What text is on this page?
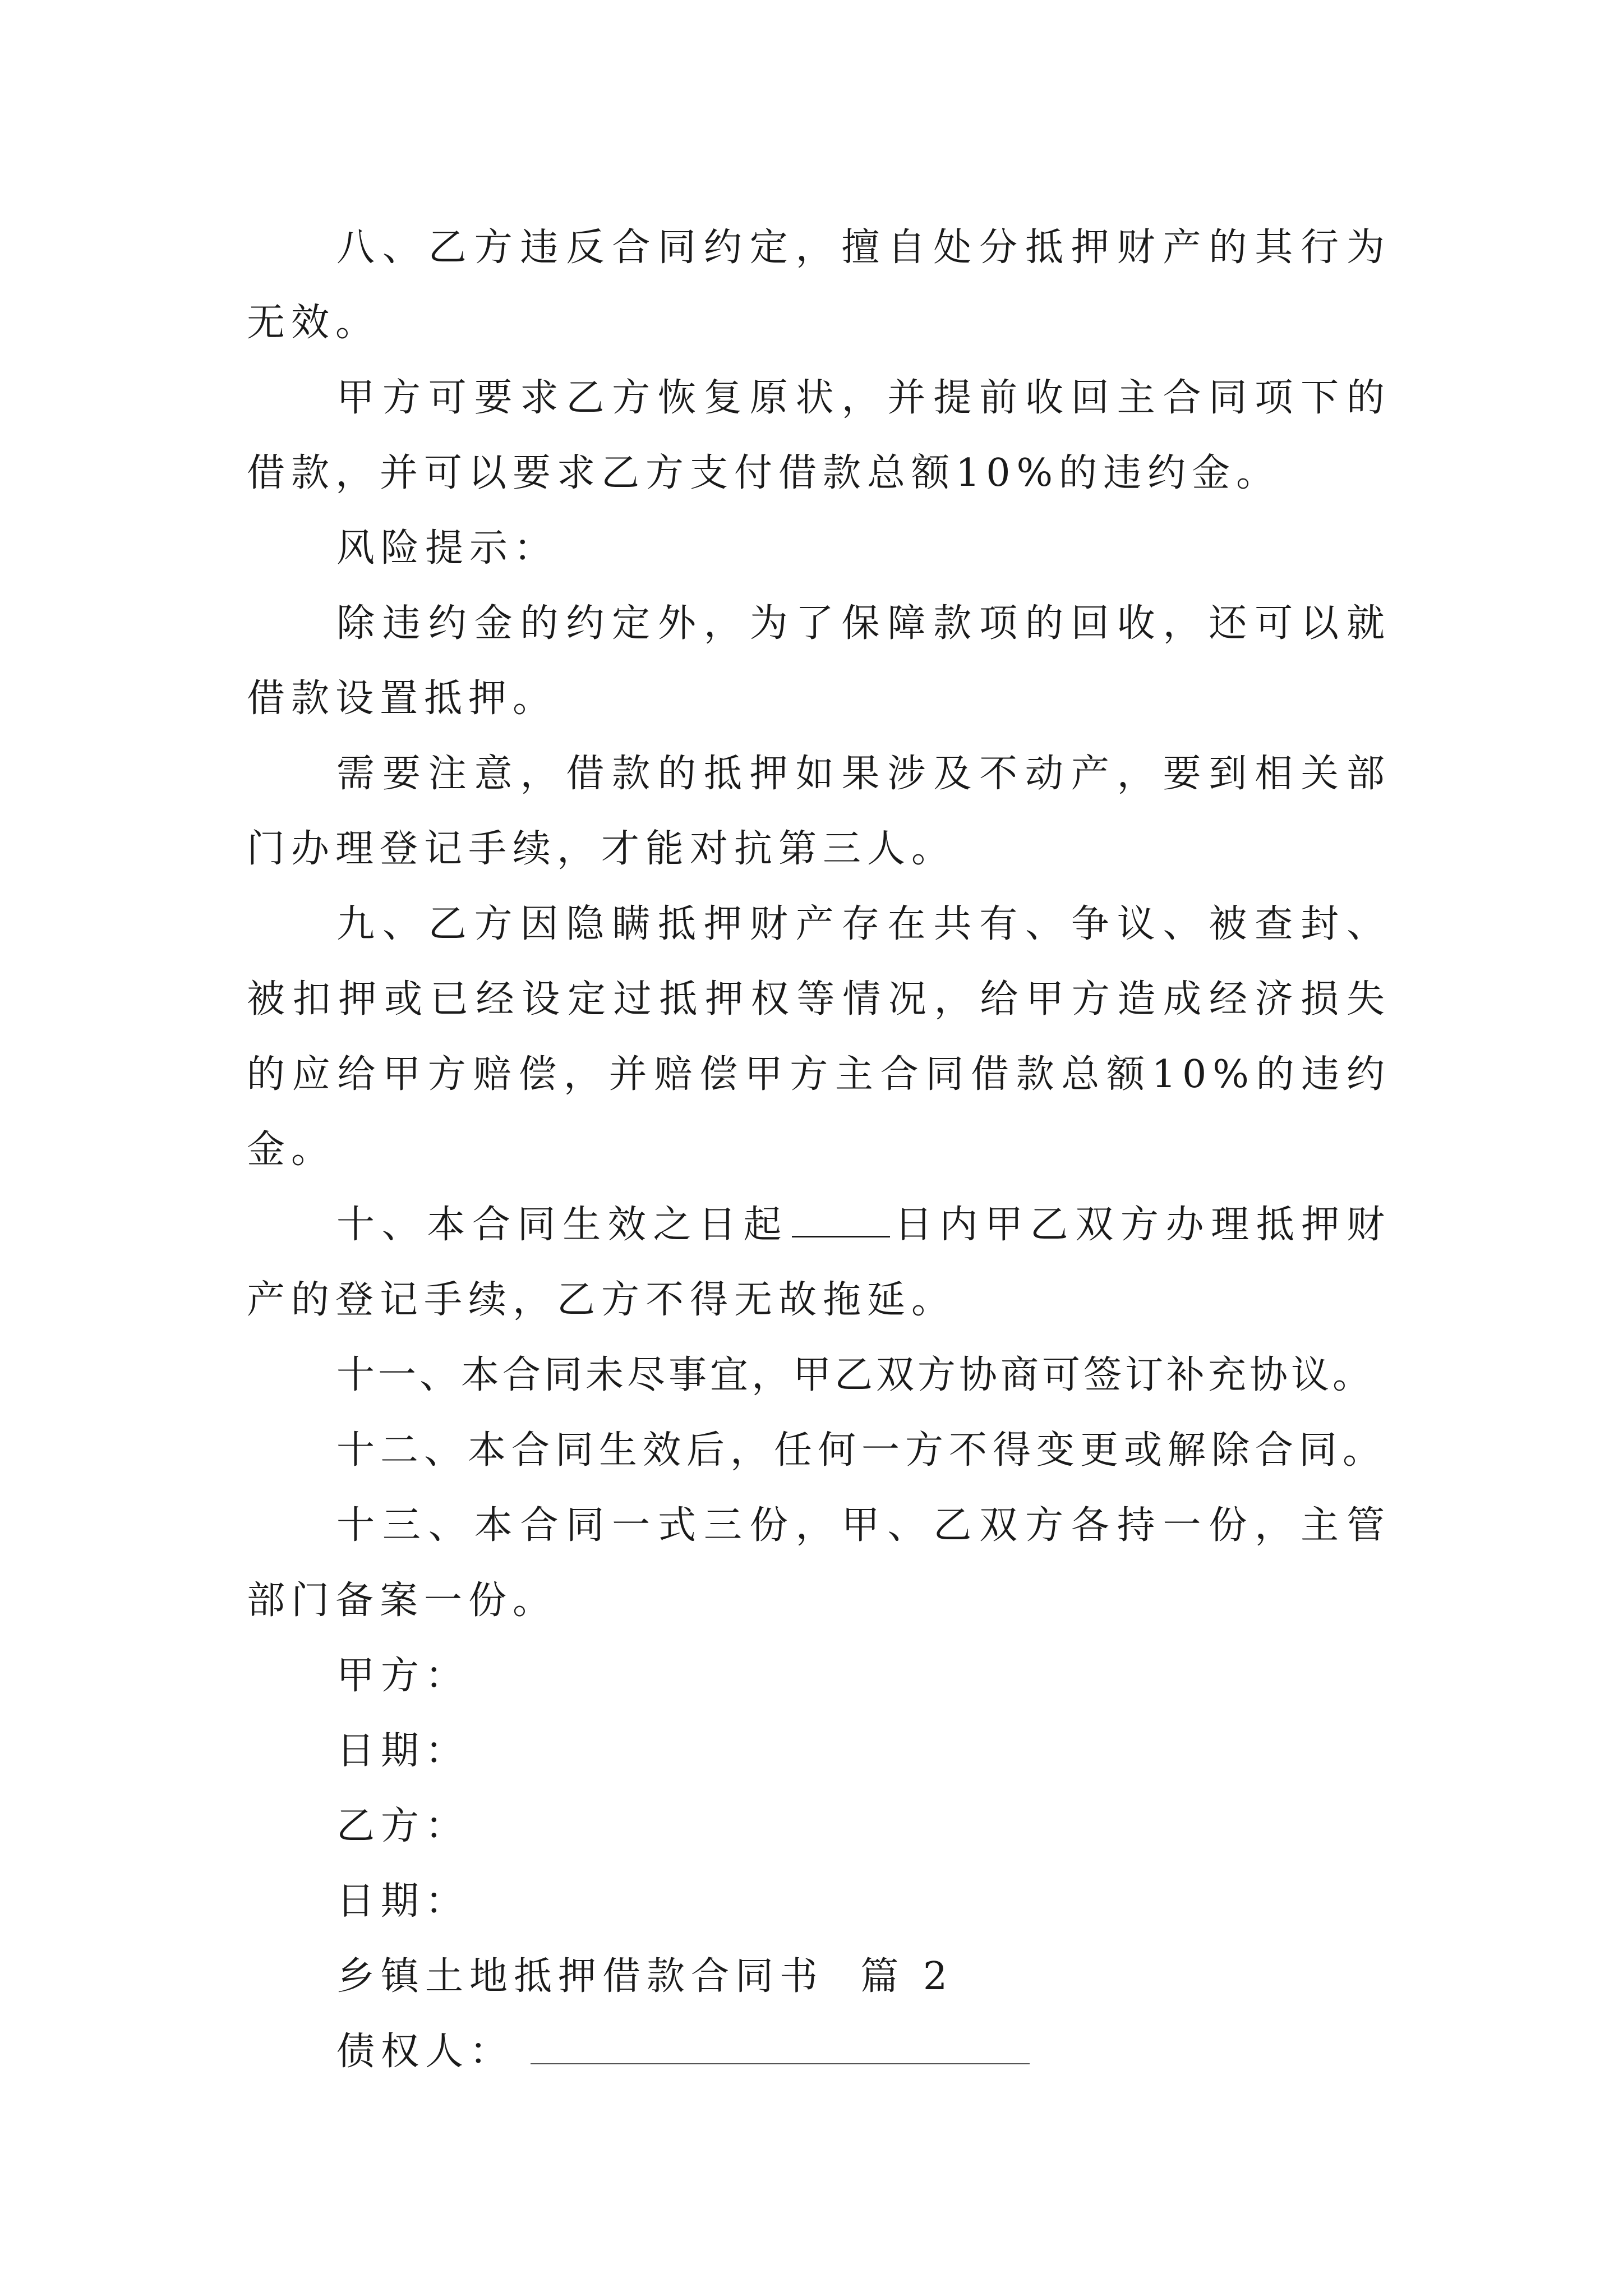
八、乙方违反合同约定，擅自处分抵押财产的其行为无效。

甲方可要求乙方恢复原状，并提前收回主合同项下的借款，并可以要求乙方支付借款总额10%的违约金。

风险提示：

除违约金的约定外，为了保障款项的回收，还可以就借款设置抵押。

需要注意，借款的抵押如果涉及不动产，要到相关部门办理登记手续，才能对抗第三人。

九、乙方因隐瞒抵押财产存在共有、争议、被查封、被扣押或已经设定过抵押权等情况，给甲方造成经济损失的应给甲方赔偿，并赔偿甲方主合同借款总额10%的违约金。

十、本合同生效之日起	日内甲乙双方办理抵押财产的登记手续，乙方不得无故拖延。

十一、本合同未尽事宜，甲乙双方协商可签订补充协议。

十二、本合同生效后，任何一方不得变更或解除合同。

十三、本合同一式三份，甲、乙双方各持一份，主管部门备案一份。

甲方：

日期：

乙方：

日期：

乡镇土地抵押借款合同书  篇 2

债权人：
